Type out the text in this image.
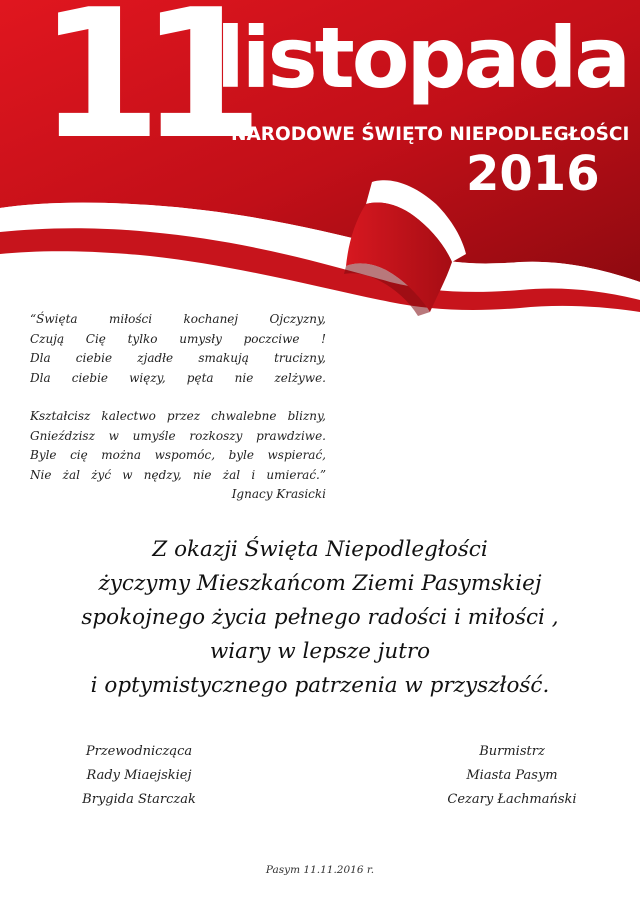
11
listopada
NARODOWE ŚWIĘTO NIEPODLEGŁOŚCI
2016
“Święta miłości kochanej Ojczyzny,
Czują Cię tylko umysły poczciwe !
Dla ciebie zjadłe smakują trucizny,
Dla ciebie więzy, pęta nie zelżywe.
Kształcisz kalectwo przez chwalebne blizny,
Gnieździsz w umyśle rozkoszy prawdziwe.
Byle cię można wspomóc, byle wspierać,
Nie żal żyć w nędzy, nie żal i umierać.”
Ignacy Krasicki
Z okazji Święta Niepodległości
życzymy Mieszkańcom Ziemi Pasymskiej
spokojnego życia pełnego radości i miłości ,
wiary w lepsze jutro
i optymistycznego patrzenia w przyszłość.
Przewodnicząca
Rady Miaejskiej
Brygida Starczak
Burmistrz
Miasta Pasym
Cezary Łachmański
Pasym 11.11.2016 r.
